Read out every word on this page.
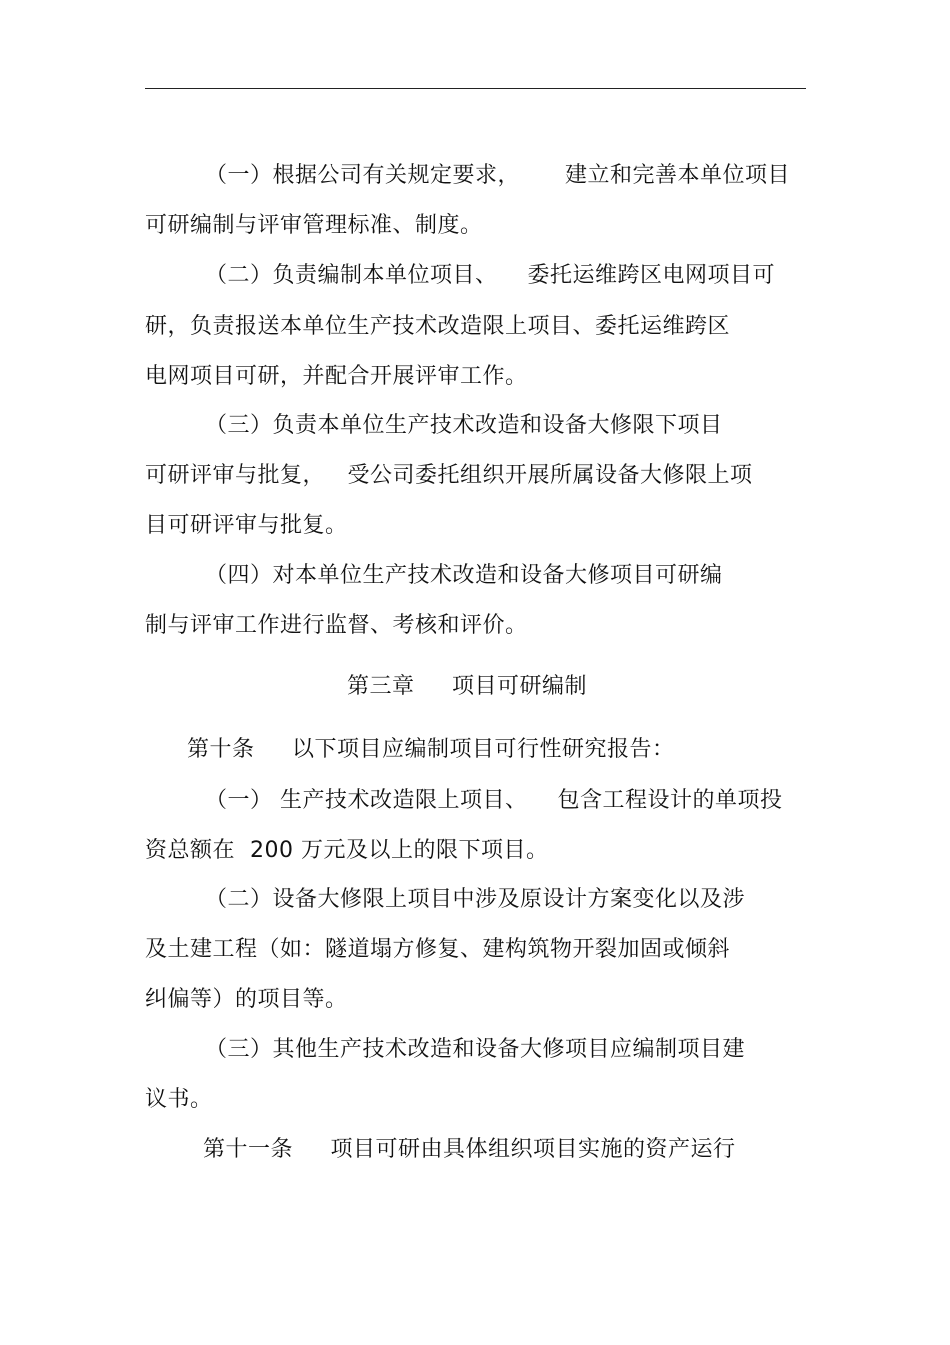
（一）根据公司有关规定要求，      建立和完善本单位项目
可研编制与评审管理标准、制度。
（二）负责编制本单位项目、    委托运维跨区电网项目可
研，负责报送本单位生产技术改造限上项目、委托运维跨区
电网项目可研，并配合开展评审工作。
（三）负责本单位生产技术改造和设备大修限下项目
可研评审与批复，   受公司委托组织开展所属设备大修限上项
目可研评审与批复。
（四）对本单位生产技术改造和设备大修项目可研编
制与评审工作进行监督、考核和评价。
第三章     项目可研编制
第十条     以下项目应编制项目可行性研究报告：
（一） 生产技术改造限上项目、    包含工程设计的单项投
资总额在  200 万元及以上的限下项目。
（二）设备大修限上项目中涉及原设计方案变化以及涉
及土建工程（如：隧道塌方修复、建构筑物开裂加固或倾斜
纠偏等）的项目等。
（三）其他生产技术改造和设备大修项目应编制项目建
议书。
第十一条     项目可研由具体组织项目实施的资产运行
